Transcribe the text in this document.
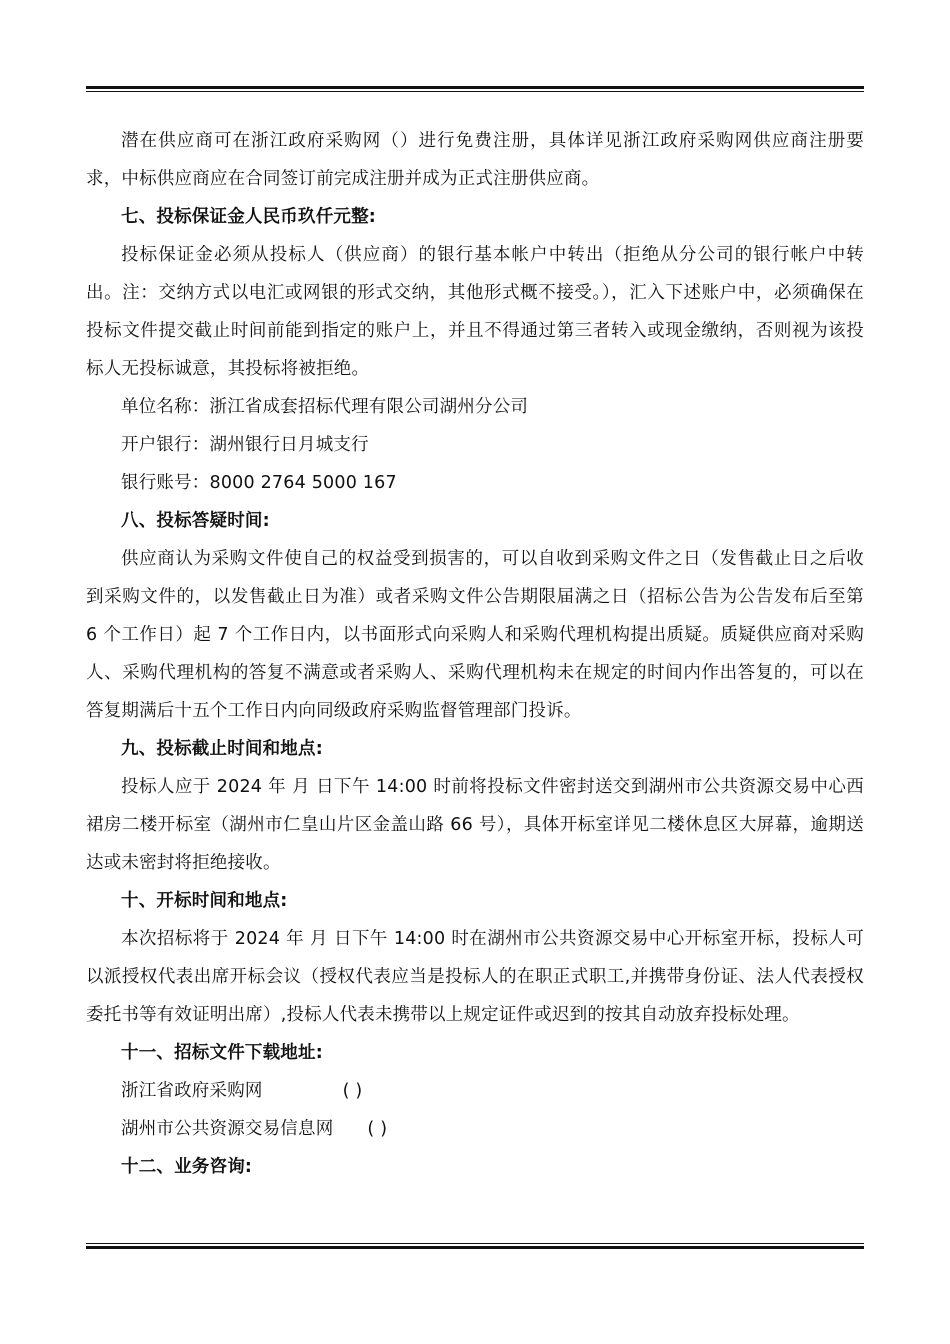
潜在供应商可在浙江政府采购网（）进行免费注册，具体详见浙江政府采购网供应商注册要求，中标供应商应在合同签订前完成注册并成为正式注册供应商。

七、投标保证金人民币玖仟元整:

投标保证金必须从投标人（供应商）的银行基本帐户中转出（拒绝从分公司的银行帐户中转出。注：交纳方式以电汇或网银的形式交纳，其他形式概不接受。），汇入下述账户中，必须确保在投标文件提交截止时间前能到指定的账户上，并且不得通过第三者转入或现金缴纳，否则视为该投标人无投标诚意，其投标将被拒绝。

单位名称：浙江省成套招标代理有限公司湖州分公司

开户银行：湖州银行日月城支行

银行账号：8000 2764 5000 167

八、投标答疑时间:

供应商认为采购文件使自己的权益受到损害的，可以自收到采购文件之日（发售截止日之后收到采购文件的，以发售截止日为准）或者采购文件公告期限届满之日（招标公告为公告发布后至第 6 个工作日）起 7 个工作日内，以书面形式向采购人和采购代理机构提出质疑。质疑供应商对采购人、采购代理机构的答复不满意或者采购人、采购代理机构未在规定的时间内作出答复的，可以在答复期满后十五个工作日内向同级政府采购监督管理部门投诉。

九、投标截止时间和地点:

投标人应于 2024 年 月 日下午 14:00 时前将投标文件密封送交到湖州市公共资源交易中心西裙房二楼开标室（湖州市仁皇山片区金盖山路 66 号），具体开标室详见二楼休息区大屏幕，逾期送达或未密封将拒绝接收。

十、开标时间和地点:

本次招标将于 2024 年 月 日下午 14:00 时在湖州市公共资源交易中心开标室开标，投标人可以派授权代表出席开标会议（授权代表应当是投标人的在职正式职工,并携带身份证、法人代表授权委托书等有效证明出席）,投标人代表未携带以上规定证件或迟到的按其自动放弃投标处理。

十一、招标文件下载地址:

浙江省政府采购网	( )

湖州市公共资源交易信息网 ( )

十二、业务咨询:
